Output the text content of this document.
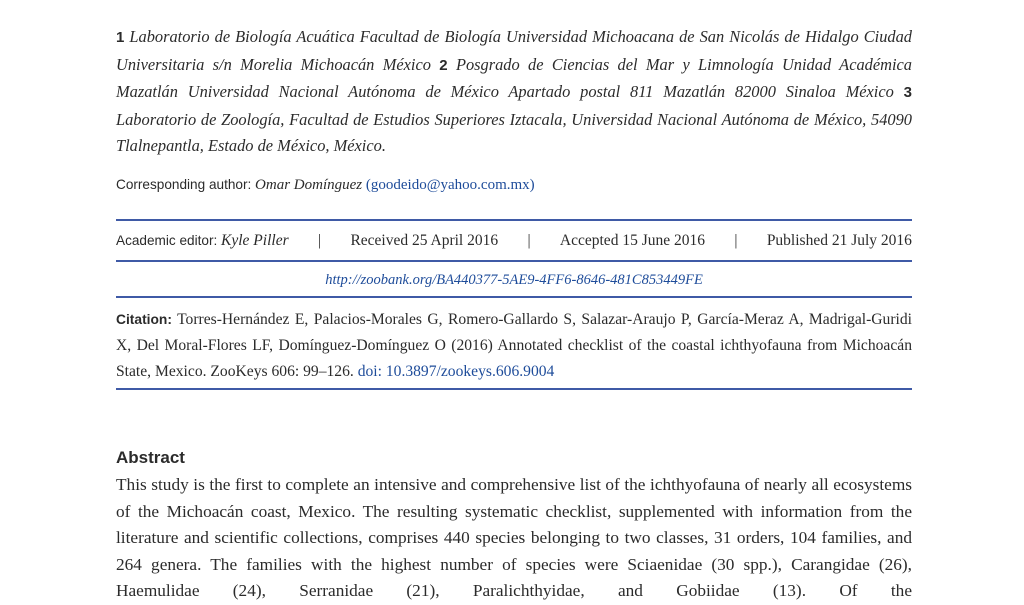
1 Laboratorio de Biología Acuática Facultad de Biología Universidad Michoacana de San Nicolás de Hidalgo Ciudad Universitaria s/n Morelia Michoacán México 2 Posgrado de Ciencias del Mar y Limnología Unidad Académica Mazatlán Universidad Nacional Autónoma de México Apartado postal 811 Mazatlán 82000 Sinaloa México 3 Laboratorio de Zoología, Facultad de Estudios Superiores Iztacala, Universidad Nacional Autónoma de México, 54090 Tlalnepantla, Estado de México, México.
Corresponding author: Omar Domínguez (goodeido@yahoo.com.mx)
Academic editor: Kyle Piller | Received 25 April 2016 | Accepted 15 June 2016 | Published 21 July 2016
http://zoobank.org/BA440377-5AE9-4FF6-8646-481C853449FE
Citation: Torres-Hernández E, Palacios-Morales G, Romero-Gallardo S, Salazar-Araujo P, García-Meraz A, Madrigal-Guridi X, Del Moral-Flores LF, Domínguez-Domínguez O (2016) Annotated checklist of the coastal ichthyofauna from Michoacán State, Mexico. ZooKeys 606: 99–126. doi: 10.3897/zookeys.606.9004
Abstract
This study is the first to complete an intensive and comprehensive list of the ichthyofauna of nearly all ecosystems of the Michoacán coast, Mexico. The resulting systematic checklist, supplemented with information from the literature and scientific collections, comprises 440 species belonging to two classes, 31 orders, 104 families, and 264 genera. The families with the highest number of species were Sciaenidae (30 spp.), Carangidae (26), Haemulidae (24), Serranidae (21), Paralichthyidae, and Gobiidae (13). Of the
